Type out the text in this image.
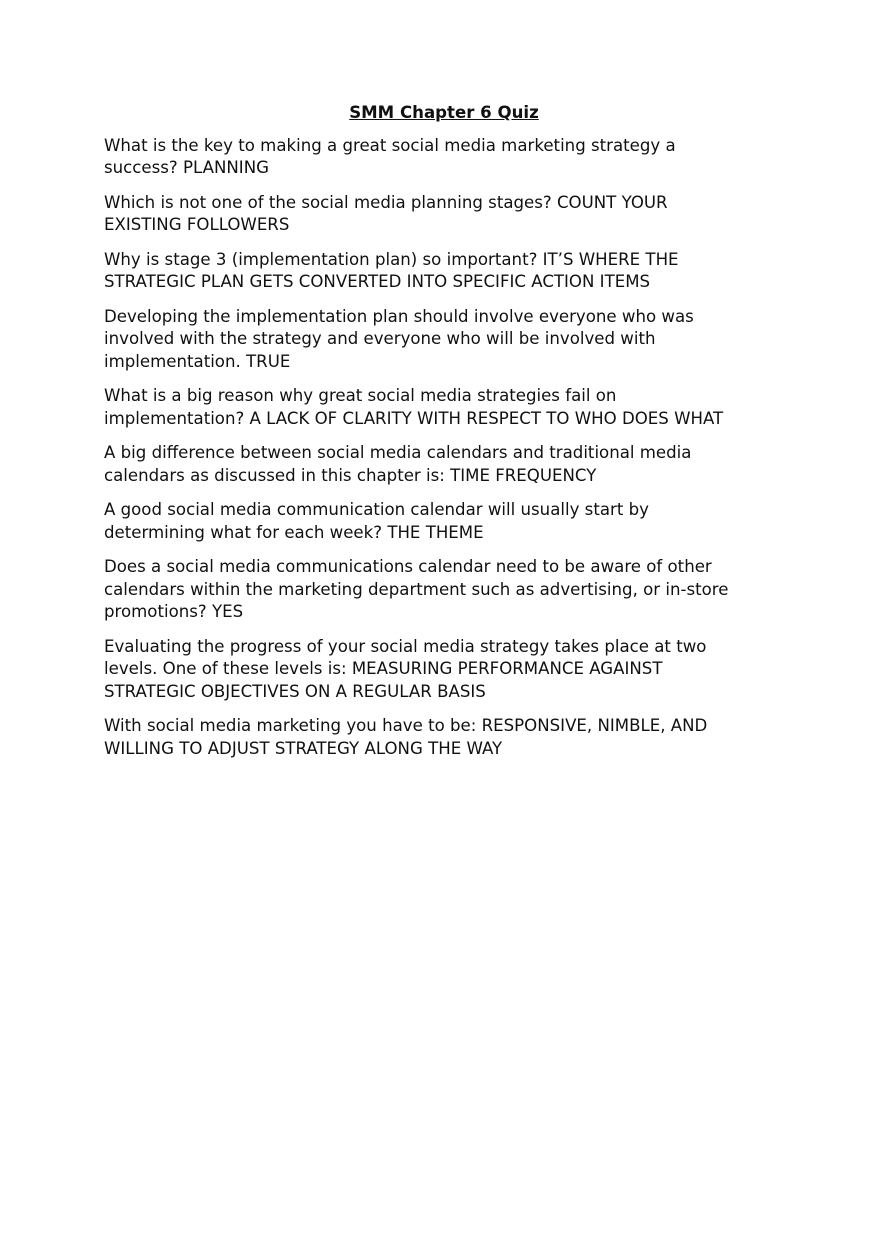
SMM Chapter 6 Quiz
What is the key to making a great social media marketing strategy a
success? PLANNING
Which is not one of the social media planning stages? COUNT YOUR
EXISTING FOLLOWERS
Why is stage 3 (implementation plan) so important? IT’S WHERE THE
STRATEGIC PLAN GETS CONVERTED INTO SPECIFIC ACTION ITEMS
Developing the implementation plan should involve everyone who was
involved with the strategy and everyone who will be involved with
implementation. TRUE
What is a big reason why great social media strategies fail on
implementation? A LACK OF CLARITY WITH RESPECT TO WHO DOES WHAT
A big difference between social media calendars and traditional media
calendars as discussed in this chapter is: TIME FREQUENCY
A good social media communication calendar will usually start by
determining what for each week? THE THEME
Does a social media communications calendar need to be aware of other
calendars within the marketing department such as advertising, or in-store
promotions? YES
Evaluating the progress of your social media strategy takes place at two
levels. One of these levels is: MEASURING PERFORMANCE AGAINST
STRATEGIC OBJECTIVES ON A REGULAR BASIS
With social media marketing you have to be: RESPONSIVE, NIMBLE, AND
WILLING TO ADJUST STRATEGY ALONG THE WAY
